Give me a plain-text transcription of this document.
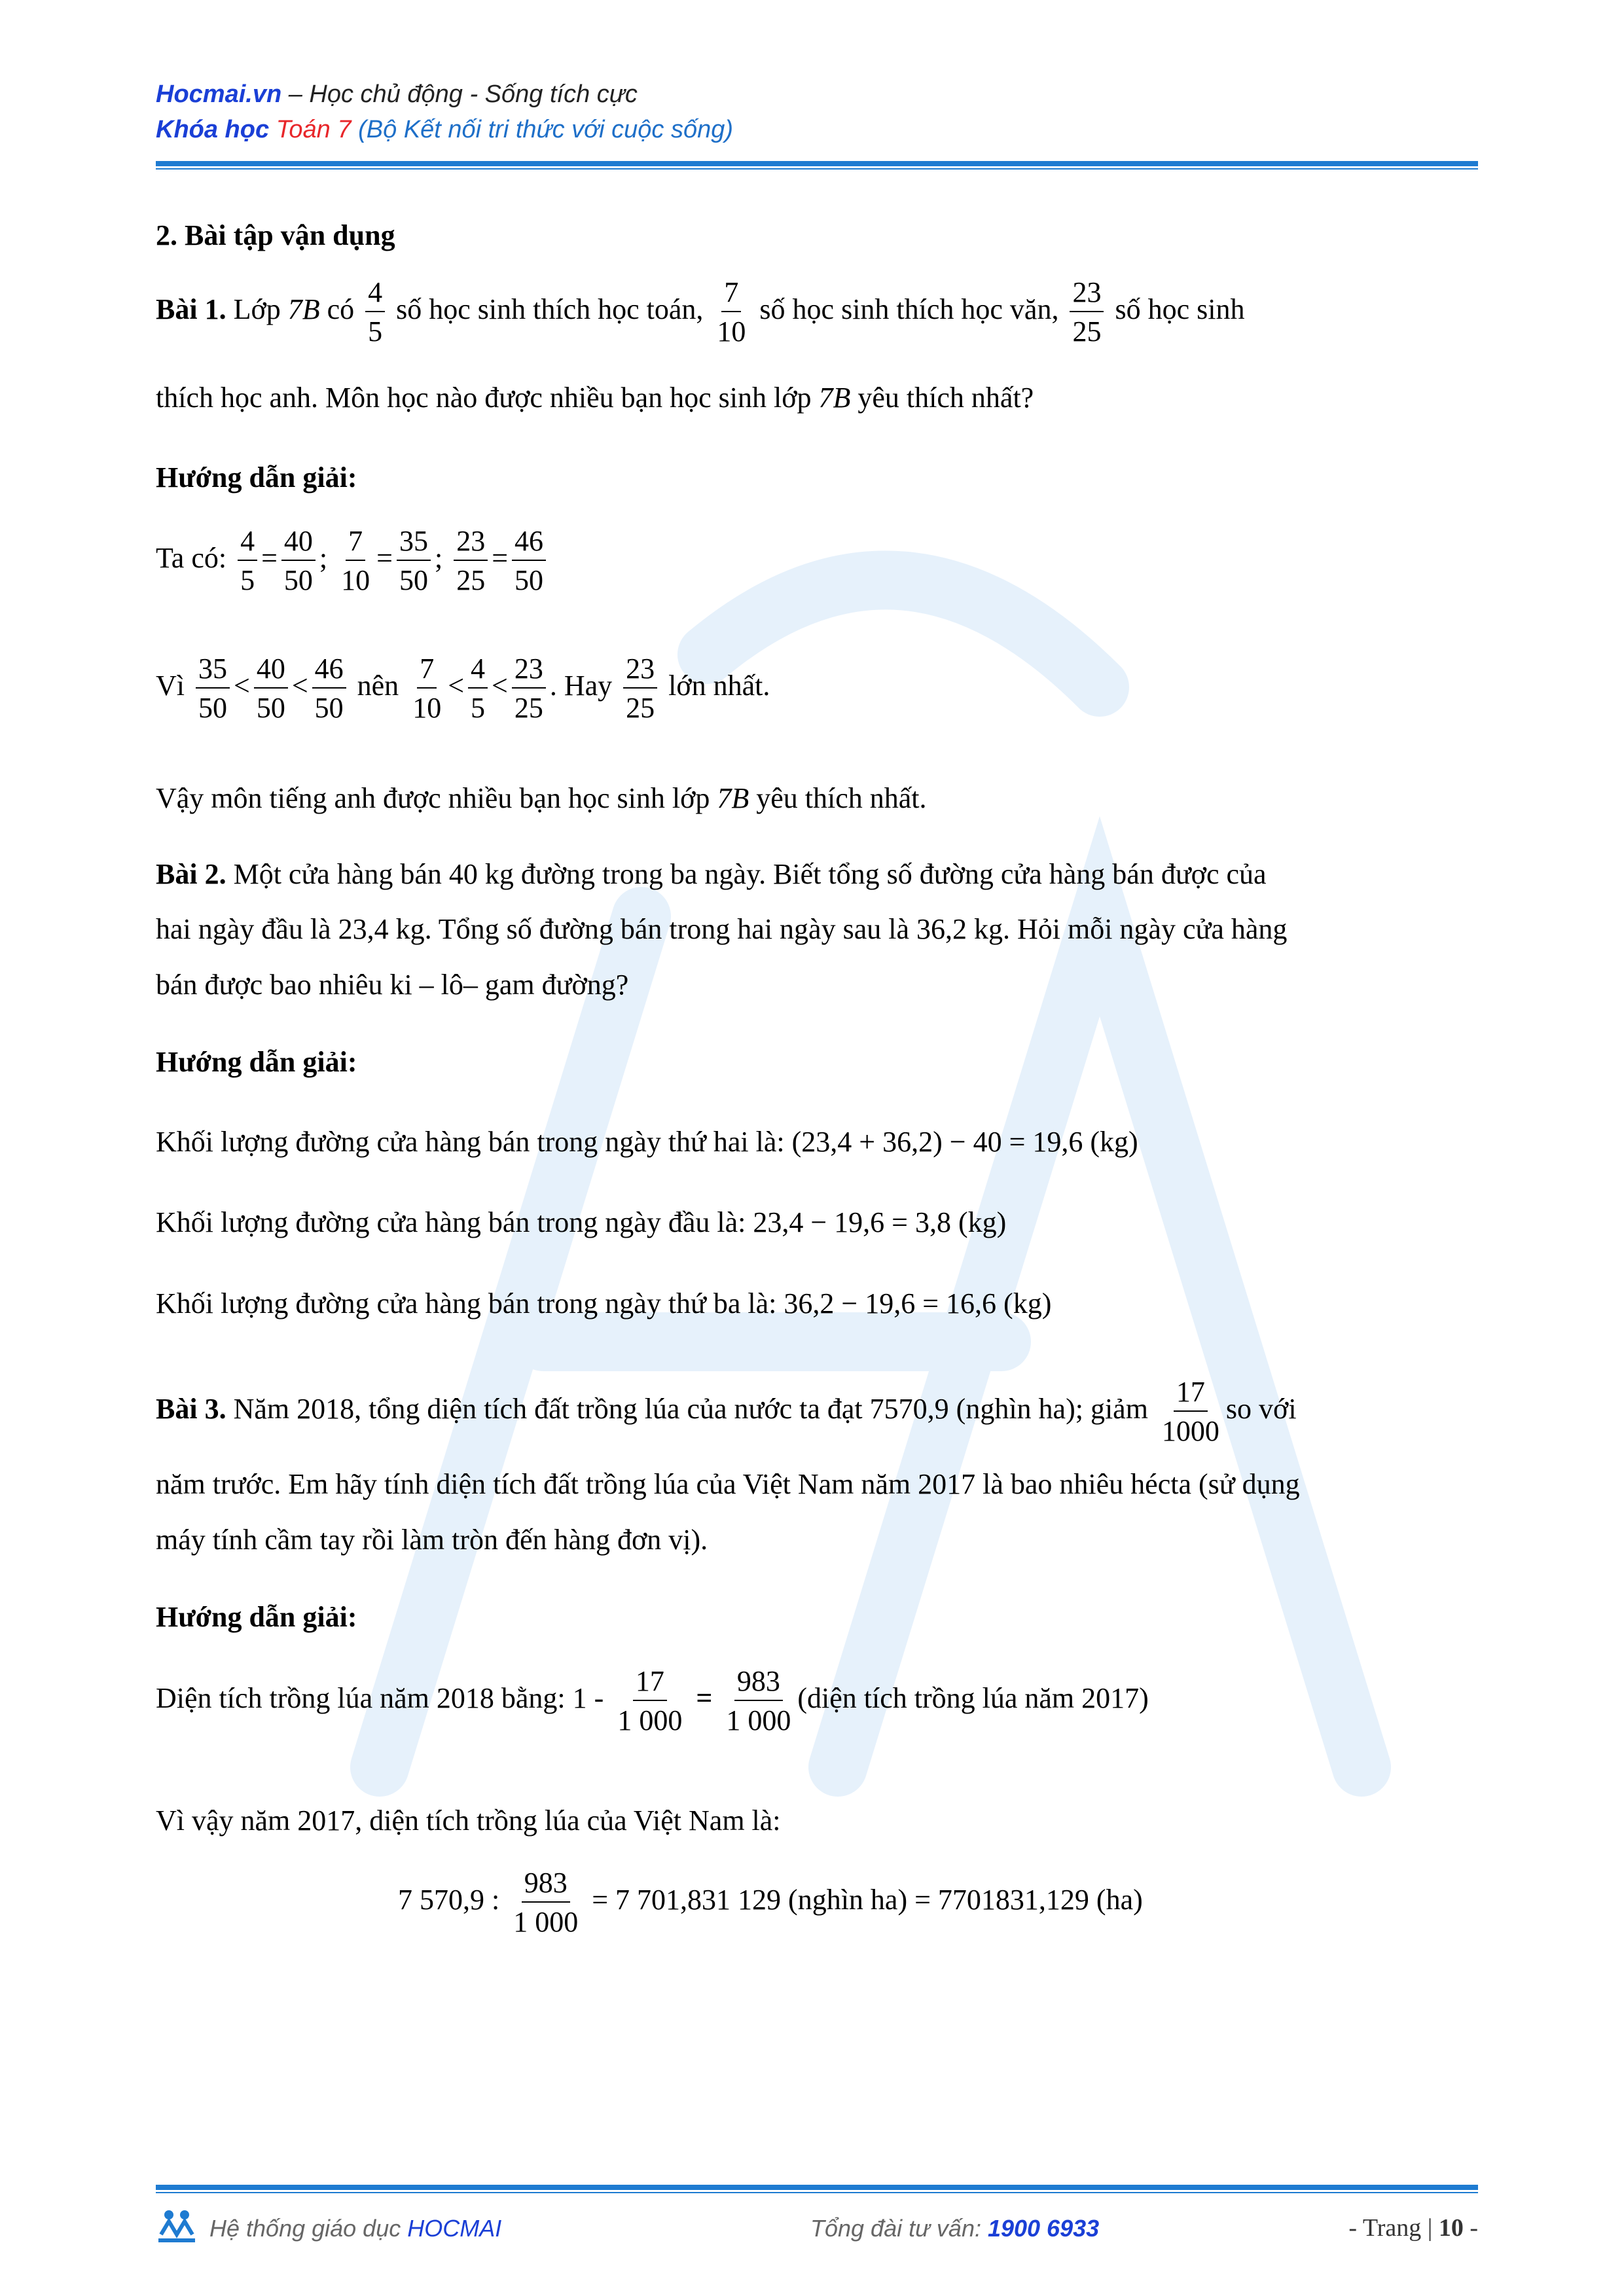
Hocmai.vn – Học chủ động - Sống tích cực
Khóa học Toán 7 (Bộ Kết nối tri thức với cuộc sống)
2. Bài tập vận dụng
Bài 1. Lớp 7B có $\frac{4}{5}$ số học sinh thích học toán, $\frac{7}{10}$ số học sinh thích học văn, $\frac{23}{25}$ số học sinh
thích học anh. Môn học nào được nhiều bạn học sinh lớp 7B yêu thích nhất?
Hướng dẫn giải:
Ta có: $\frac{4}{5} = \frac{40}{50}$ ; $\frac{7}{10} = \frac{35}{50}$ ; $\frac{23}{25} = \frac{46}{50}$
Vì $\frac{35}{50} < \frac{40}{50} < \frac{46}{50}$ nên $\frac{7}{10} < \frac{4}{5} < \frac{23}{25}$ . Hay $\frac{23}{25}$ lớn nhất.
Vậy môn tiếng anh được nhiều bạn học sinh lớp 7B yêu thích nhất.
Bài 2. Một cửa hàng bán 40 kg đường trong ba ngày. Biết tổng số đường cửa hàng bán được của
hai ngày đầu là 23,4 kg. Tổng số đường bán trong hai ngày sau là 36,2 kg. Hỏi mỗi ngày cửa hàng
bán được bao nhiêu ki – lô– gam đường?
Hướng dẫn giải:
Khối lượng đường cửa hàng bán trong ngày thứ hai là: (23,4 + 36,2) − 40 = 19,6 (kg)
Khối lượng đường cửa hàng bán trong ngày đầu là: 23,4 − 19,6 = 3,8 (kg)
Khối lượng đường cửa hàng bán trong ngày thứ ba là: 36,2 − 19,6 = 16,6 (kg)
Bài 3. Năm 2018, tổng diện tích đất trồng lúa của nước ta đạt 7570,9 (nghìn ha); giảm $\frac{17}{1000}$ so với
năm trước. Em hãy tính diện tích đất trồng lúa của Việt Nam năm 2017 là bao nhiêu hécta (sử dụng
máy tính cầm tay rồi làm tròn đến hàng đơn vị).
Hướng dẫn giải:
Diện tích trồng lúa năm 2018 bằng: $1 - \frac{17}{1 000} = \frac{983}{1 000}$ (diện tích trồng lúa năm 2017)
Vì vậy năm 2017, diện tích trồng lúa của Việt Nam là:
7 570,9 : $\frac{983}{1 000} = 7$ 701,831 129 (nghìn ha) = 7701831,129 (ha)
Hệ thống giáo dục HOCMAI	Tổng đài tư vấn: 1900 6933	- Trang | 10 -
